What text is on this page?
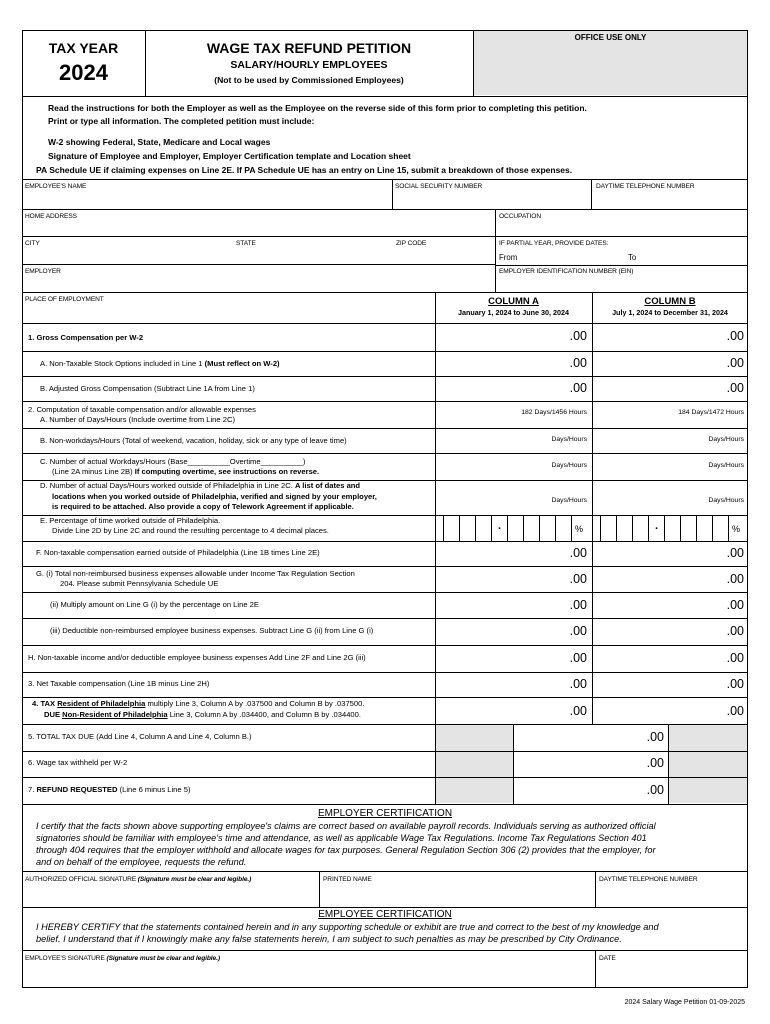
TAX YEAR
2024
WAGE TAX REFUND PETITION
SALARY/HOURLY EMPLOYEES
(Not to be used by Commissioned Employees)
OFFICE USE ONLY
Read the instructions for both the Employer as well as the Employee on the reverse side of this form prior to completing this petition.
Print or type all information. The completed petition must include:
W-2 showing Federal, State, Medicare and Local wages
Signature of Employee and Employer, Employer Certification template and Location sheet
PA Schedule UE if claiming expenses on Line 2E. If PA Schedule UE has an entry on Line 15, submit a breakdown of those expenses.
EMPLOYEE'S NAME	SOCIAL SECURITY NUMBER	DAYTIME TELEPHONE NUMBER
HOME ADDRESS	OCCUPATION
CITY	STATE	ZIP CODE	IF PARTIAL YEAR, PROVIDE DATES:
From	To
EMPLOYER	EMPLOYER IDENTIFICATION NUMBER (EIN)
PLACE OF EMPLOYMENT	COLUMN A
January 1, 2024 to June 30, 2024
COLUMN B
July 1, 2024 to December 31, 2024
1. Gross Compensation per W-2	.00	.00
A. Non-Taxable Stock Options included in Line 1 (Must reflect on W-2)	.00	.00
B. Adjusted Gross Compensation (Subtract Line 1A from Line 1)	.00	.00
2. Computation of taxable compensation and/or allowable expenses
A. Number of Days/Hours (Include overtime from Line 2C)
182 Days/1456 Hours	184 Days/1472 Hours
B. Non-workdays/Hours (Total of weekend, vacation, holiday, sick or any type of leave time)	Days/Hours	Days/Hours
C. Number of actual Workdays/Hours (Base__________Overtime__________)
(Line 2A minus Line 2B) If computing overtime, see instructions on reverse.
Days/Hours	Days/Hours
D. Number of actual Days/Hours worked outside of Philadelphia in Line 2C. A list of dates and
locations when you worked outside of Philadelphia, verified and signed by your employer,
is required to be attached. Also provide a copy of Telework Agreement if applicable.
Days/Hours	Days/Hours
E. Percentage of time worked outside of Philadelphia.
Divide Line 2D by Line 2C and round the resulting percentage to 4 decimal places.	.	%	.	%
F. Non-taxable compensation earned outside of Philadelphia (Line 1B times Line 2E)	.00	.00
G. (i) Total non-reimbursed business expenses allowable under Income Tax Regulation Section
204. Please submit Pennsylvania Schedule UE	.00	.00
(ii) Multiply amount on Line G (i) by the percentage on Line 2E	.00	.00
(iii) Deductible non-reimbursed employee business expenses. Subtract Line G (ii) from Line G (i)	.00	.00
H. Non-taxable income and/or deductible employee business expenses Add Line 2F and Line 2G (iii)	.00	.00
3. Net Taxable compensation (Line 1B minus Line 2H)	.00	.00
4. TAX Resident of Philadelphia multiply Line 3, Column A by .037500 and Column B by .037500.
DUE Non-Resident of Philadelphia Line 3, Column A by .034400, and Column B by .034400.	.00	.00
5. TOTAL TAX DUE (Add Line 4, Column A and Line 4, Column B.)	.00
6. Wage tax withheld per W-2	.00
7. REFUND REQUESTED (Line 6 minus Line 5)	.00
EMPLOYER CERTIFICATION
I certify that the facts shown above supporting employee's claims are correct based on available payroll records. Individuals serving as authorized official
signatories should be familiar with employee's time and attendance, as well as applicable Wage Tax Regulations. Income Tax Regulations Section 401
through 404 requires that the employer withhold and allocate wages for tax purposes. General Regulation Section 306 (2) provides that the employer, for
and on behalf of the employee, requests the refund.
AUTHORIZED OFFICIAL SIGNATURE (Signature must be clear and legible.)	PRINTED NAME	DAYTIME TELEPHONE NUMBER
EMPLOYEE CERTIFICATION
I HEREBY CERTIFY that the statements contained herein and in any supporting schedule or exhibit are true and correct to the best of my knowledge and
belief. I understand that if I knowingly make any false statements herein, I am subject to such penalties as may be prescribed by City Ordinance.
EMPLOYEE'S SIGNATURE (Signature must be clear and legible.)	DATE
2024 Salary Wage Petition 01-09-2025
